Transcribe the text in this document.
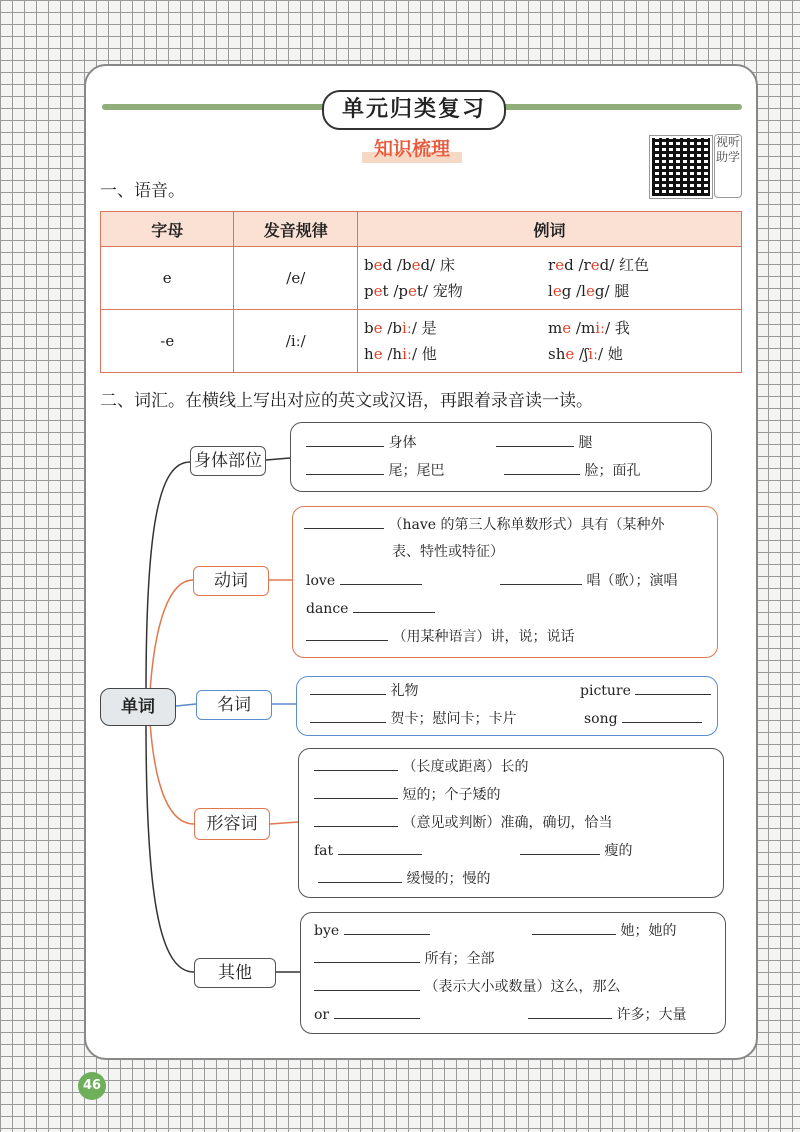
单元归类复习
知识梳理	视听助学
一、语音。
字母	发音规律	例词
e	/e/	bed /bed/ 床 red /red/ 红色
pet /pet/ 宠物 leg /leg/ 腿

-e	/iː/	be /biː/ 是 me /miː/ 我
he /hiː/ 他 she /ʃiː/ 她
二、词汇。在横线上写出对应的英文或汉语，再跟着录音读一读。
单词
身体部位
动词
名词
形容词
其他
身体	腿
尾；尾巴	脸；面孔
（have 的第三人称单数形式）具有（某种外
表、特性或特征）
love	唱（歌）；演唱
dance
（用某种语言）讲，说；说话
礼物	picture
贺卡；慰问卡；卡片	song
（长度或距离）长的
短的；个子矮的
（意见或判断）准确，确切，恰当
fat	瘦的
缓慢的；慢的
bye	她；她的
所有；全部
（表示大小或数量）这么，那么
or	许多；大量
46
